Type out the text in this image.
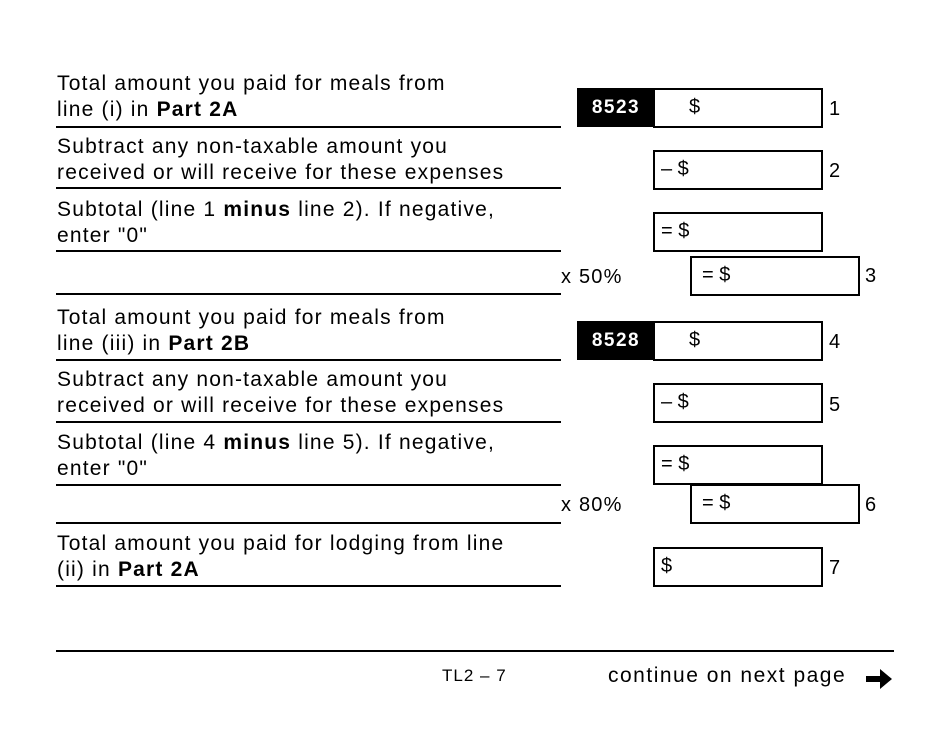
Total amount you paid for meals from
line (i) in Part 2A	8523	$	1
Subtract any non-taxable amount you
received or will receive for these expenses	– $	2
Subtotal (line 1 minus line 2). If negative,
enter "0"	= $
x 50%	= $	3
Total amount you paid for meals from
line (iii) in Part 2B	8528	$	4
Subtract any non-taxable amount you
received or will receive for these expenses	– $	5
Subtotal (line 4 minus line 5). If negative,
enter "0"	= $
x 80%	= $	6
Total amount you paid for lodging from line
(ii) in Part 2A	$	7
TL2 – 7	continue on next page
